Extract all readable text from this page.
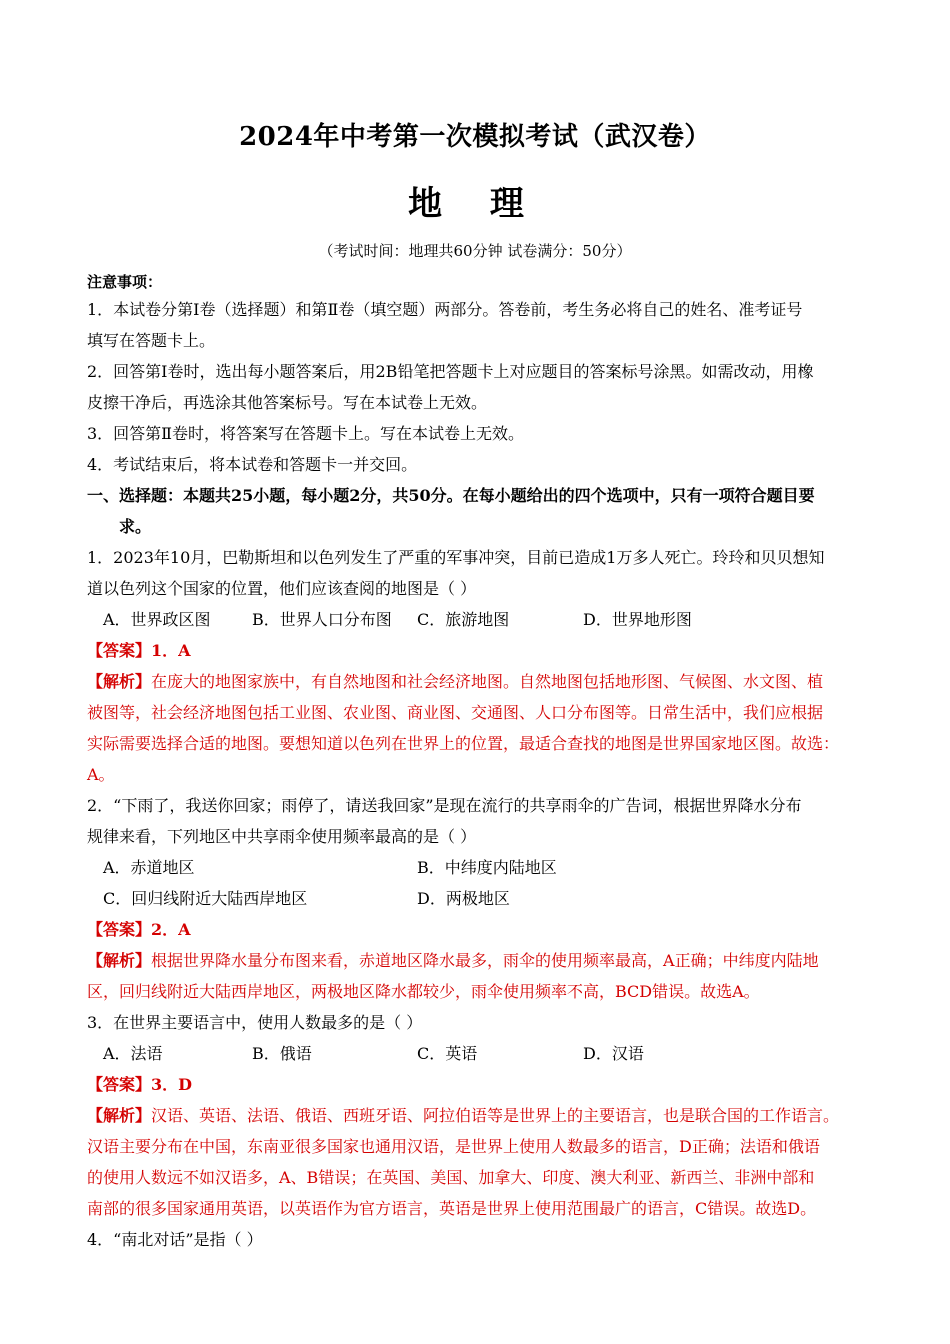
2024年中考第一次模拟考试（武汉卷）
地 理
（考试时间：地理共60分钟 试卷满分：50分）
注意事项：
1．本试卷分第Ⅰ卷（选择题）和第Ⅱ卷（填空题）两部分。答卷前，考生务必将自己的姓名、准考证号
填写在答题卡上。
2．回答第Ⅰ卷时，选出每小题答案后，用2B铅笔把答题卡上对应题目的答案标号涂黑。如需改动，用橡
皮擦干净后，再选涂其他答案标号。写在本试卷上无效。
3．回答第Ⅱ卷时，将答案写在答题卡上。写在本试卷上无效。
4．考试结束后，将本试卷和答题卡一并交回。
一、选择题：本题共25小题，每小题2分，共50分。在每小题给出的四个选项中，只有一项符合题目要
求。
1．2023年10月，巴勒斯坦和以色列发生了严重的军事冲突，目前已造成1万多人死亡。玲玲和贝贝想知
道以色列这个国家的位置，他们应该查阅的地图是（ ）
A．世界政区图	B．世界人口分布图 C．旅游地图	D．世界地形图
【答案】1．A
【解析】在庞大的地图家族中，有自然地图和社会经济地图。自然地图包括地形图、气候图、水文图、植
被图等，社会经济地图包括工业图、农业图、商业图、交通图、人口分布图等。日常生活中，我们应根据
实际需要选择合适的地图。要想知道以色列在世界上的位置，最适合查找的地图是世界国家地区图。故选：
A。
2．“下雨了，我送你回家；雨停了，请送我回家”是现在流行的共享雨伞的广告词，根据世界降水分布
规律来看，下列地区中共享雨伞使用频率最高的是（ ）
A．赤道地区	B．中纬度内陆地区
C．回归线附近大陆西岸地区	D．两极地区
【答案】2．A
【解析】根据世界降水量分布图来看，赤道地区降水最多，雨伞的使用频率最高，A正确；中纬度内陆地
区，回归线附近大陆西岸地区，两极地区降水都较少，雨伞使用频率不高，BCD错误。故选A。
3．在世界主要语言中，使用人数最多的是（ ）
A．法语	B．俄语	C．英语	D．汉语
【答案】3．D
【解析】汉语、英语、法语、俄语、西班牙语、阿拉伯语等是世界上的主要语言，也是联合国的工作语言。
汉语主要分布在中国，东南亚很多国家也通用汉语，是世界上使用人数最多的语言，D正确；法语和俄语
的使用人数远不如汉语多，A、B错误；在英国、美国、加拿大、印度、澳大利亚、新西兰、非洲中部和
南部的很多国家通用英语，以英语作为官方语言，英语是世界上使用范围最广的语言，C错误。故选D。
4．“南北对话”是指（ ）
